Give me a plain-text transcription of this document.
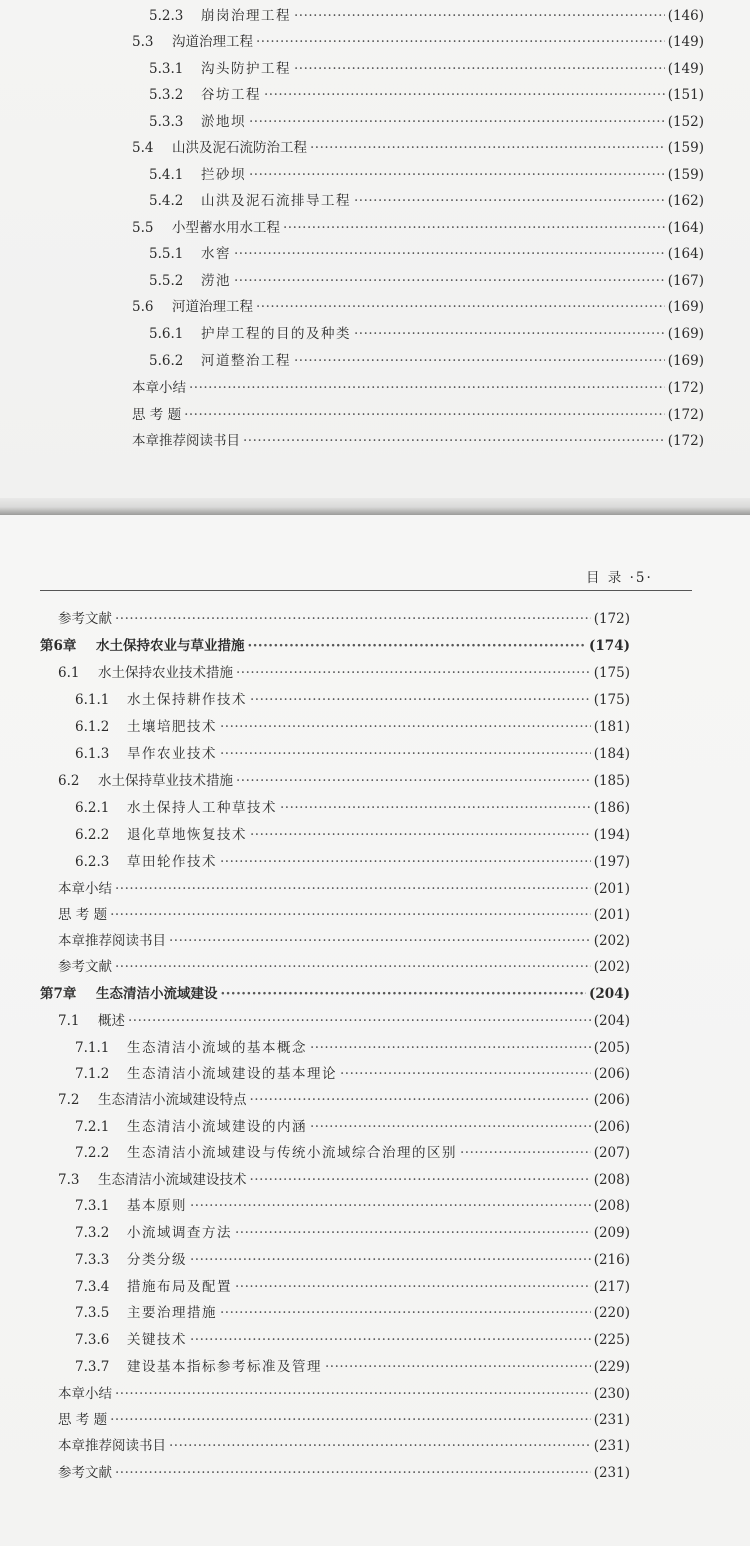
目 录 ·5·
5.2.3	崩岗治理工程 ·····	(146)
5.3	沟道治理工程 ·····	(149)
5.3.1	沟头防护工程 ·····	(149)
5.3.2	谷坊工程 ·····	(151)
5.3.3	淤地坝 ·····	(152)
5.4	山洪及泥石流防治工程 ·····	(159)
5.4.1	拦砂坝 ·····	(159)
5.4.2	山洪及泥石流排导工程 ·····	(162)
5.5	小型蓄水用水工程 ·····	(164)
5.5.1	水窖 ·····	(164)
5.5.2	涝池 ·····	(167)
5.6	河道治理工程 ·····	(169)
5.6.1	护岸工程的目的及种类 ·····	(169)
5.6.2	河道整治工程 ·····	(169)
本章小结 ·····	(172)
思 考 题 ·····	(172)
本章推荐阅读书目 ·····	(172)
参考文献 ·····	(172)
第6章	水土保持农业与草业措施 ·····	(174)
6.1	水土保持农业技术措施 ·····	(175)
6.1.1	水土保持耕作技术 ·····	(175)
6.1.2	土壤培肥技术 ·····	(181)
6.1.3	旱作农业技术 ·····	(184)
6.2	水土保持草业技术措施 ·····	(185)
6.2.1	水土保持人工种草技术 ·····	(186)
6.2.2	退化草地恢复技术 ·····	(194)
6.2.3	草田轮作技术 ·····	(197)
本章小结 ·····	(201)
思 考 题 ·····	(201)
本章推荐阅读书目 ·····	(202)
参考文献 ·····	(202)
第7章	生态清洁小流域建设 ·····	(204)
7.1	概述 ·····	(204)
7.1.1	生态清洁小流域的基本概念 ·····	(205)
7.1.2	生态清洁小流域建设的基本理论 ·····	(206)
7.2	生态清洁小流域建设特点 ·····	(206)
7.2.1	生态清洁小流域建设的内涵 ·····	(206)
7.2.2	生态清洁小流域建设与传统小流域综合治理的区别 ·····	(207)
7.3	生态清洁小流域建设技术 ·····	(208)
7.3.1	基本原则 ·····	(208)
7.3.2	小流域调查方法 ·····	(209)
7.3.3	分类分级 ·····	(216)
7.3.4	措施布局及配置 ·····	(217)
7.3.5	主要治理措施 ·····	(220)
7.3.6	关键技术 ·····	(225)
7.3.7	建设基本指标参考标准及管理 ·····	(229)
本章小结 ·····	(230)
思 考 题 ·····	(231)
本章推荐阅读书目 ·····	(231)
参考文献 ·····	(231)
